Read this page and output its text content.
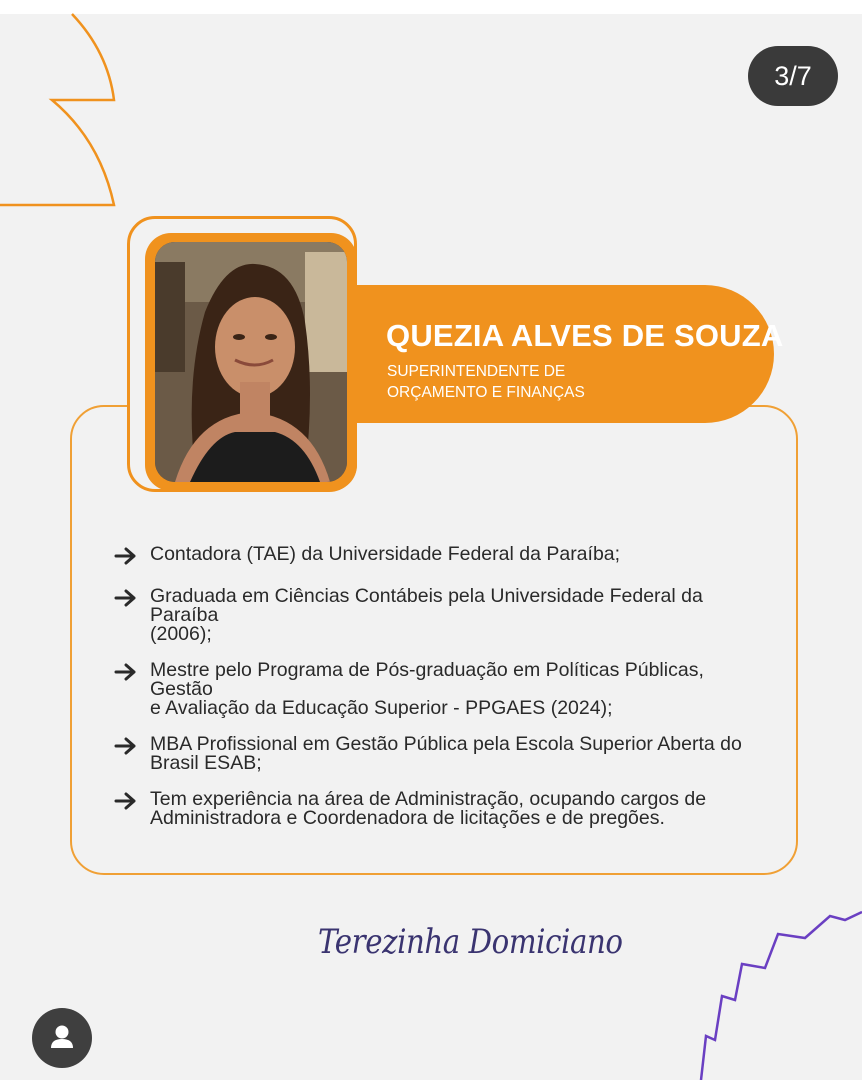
3/7
QUEZIA ALVES DE SOUZA
SUPERINTENDENTE DE
ORÇAMENTO E FINANÇAS
Contadora (TAE) da Universidade Federal da Paraíba;
Graduada em Ciências Contábeis pela Universidade Federal da Paraíba
(2006);
Mestre pelo Programa de Pós-graduação em Políticas Públicas, Gestão
e Avaliação da Educação Superior - PPGAES (2024);
MBA Profissional em Gestão Pública pela Escola Superior Aberta do
Brasil ESAB;
Tem experiência na área de Administração, ocupando cargos de
Administradora e Coordenadora de licitações e de pregões.
Terezinha Domiciano
